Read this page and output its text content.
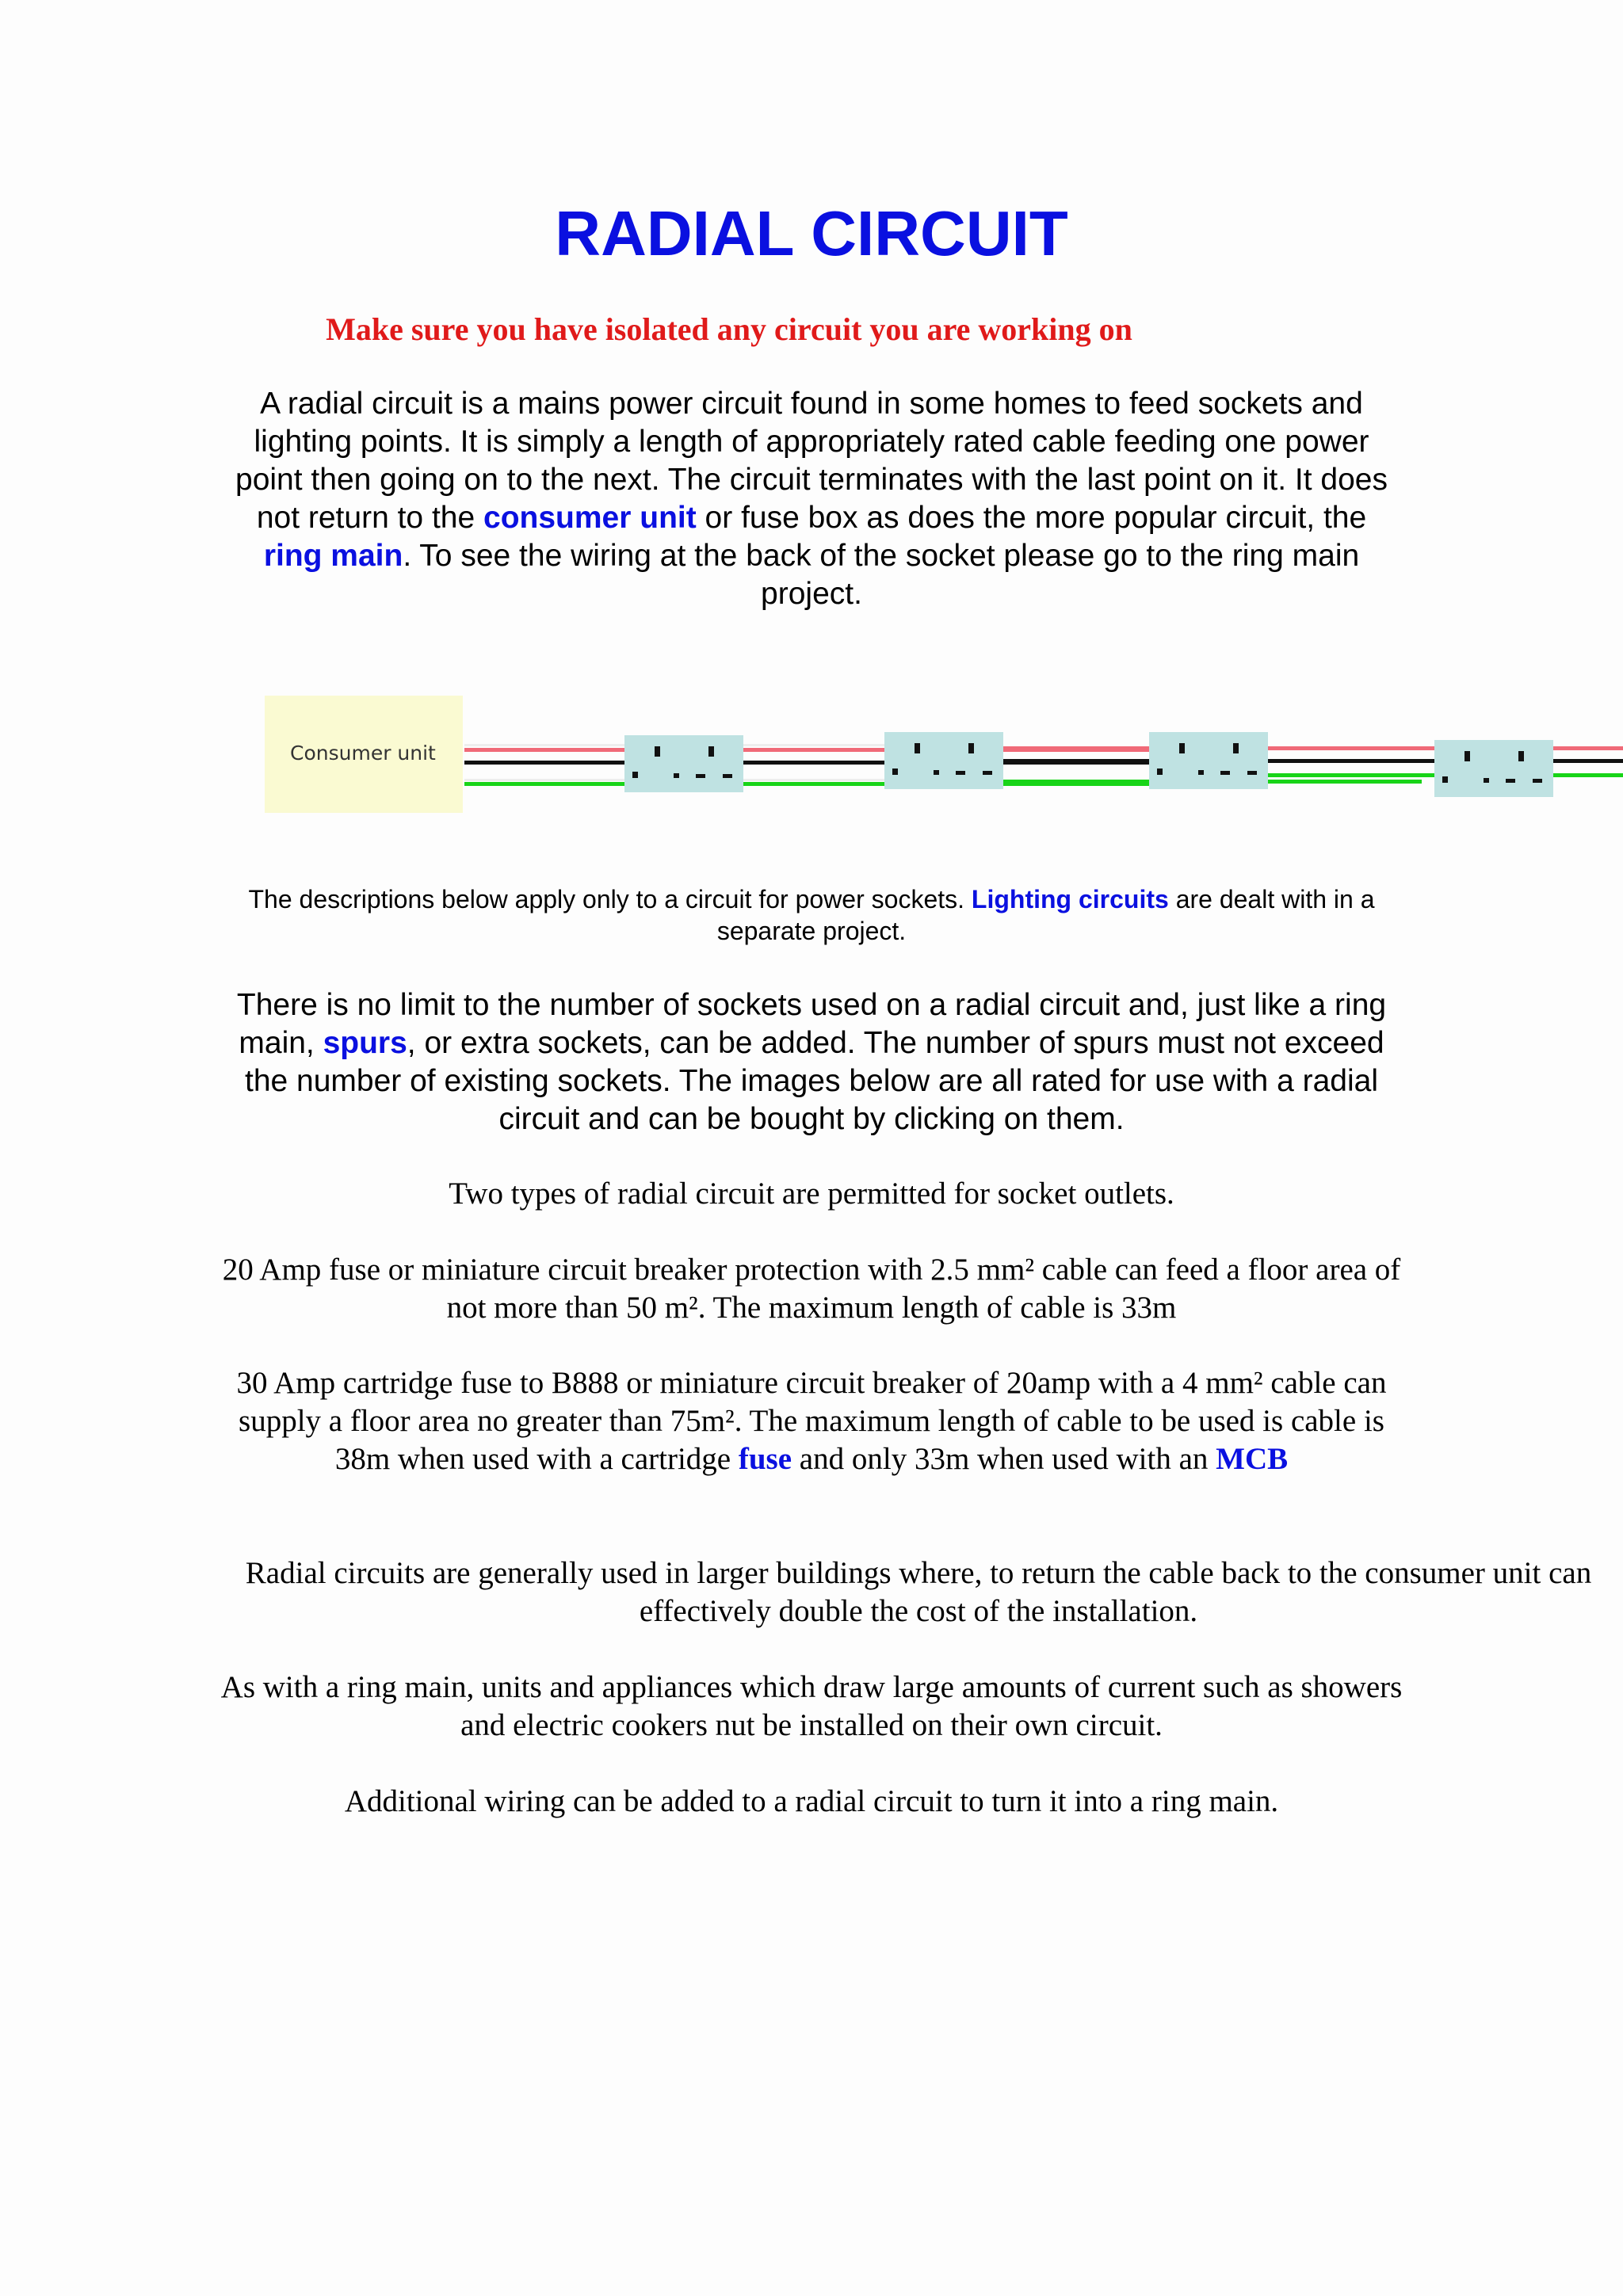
RADIAL CIRCUIT
Make sure you have isolated any circuit you are working on
A radial circuit is a mains power circuit found in some homes to feed sockets and lighting points. It is simply a length of appropriately rated cable feeding one power point then going on to the next. The circuit terminates with the last point on it. It does not return to the consumer unit or fuse box as does the more popular circuit, the ring main. To see the wiring at the back of the socket please go to the ring main project.
Consumer unit
The descriptions below apply only to a circuit for power sockets. Lighting circuits are dealt with in a separate project.
There is no limit to the number of sockets used on a radial circuit and, just like a ring main, spurs, or extra sockets, can be added. The number of spurs must not exceed the number of existing sockets. The images below are all rated for use with a radial circuit and can be bought by clicking on them.
Two types of radial circuit are permitted for socket outlets.
20 Amp fuse or miniature circuit breaker protection with 2.5 mm² cable can feed a floor area of not more than 50 m². The maximum length of cable is 33m
30 Amp cartridge fuse to B888 or miniature circuit breaker of 20amp with a 4 mm² cable can supply a floor area no greater than 75m². The maximum length of cable to be used is cable is 38m when used with a cartridge fuse and only 33m when used with an MCB
Radial circuits are generally used in larger buildings where, to return the cable back to the consumer unit can effectively double the cost of the installation.
As with a ring main, units and appliances which draw large amounts of current such as showers and electric cookers nut be installed on their own circuit.
Additional wiring can be added to a radial circuit to turn it into a ring main.
